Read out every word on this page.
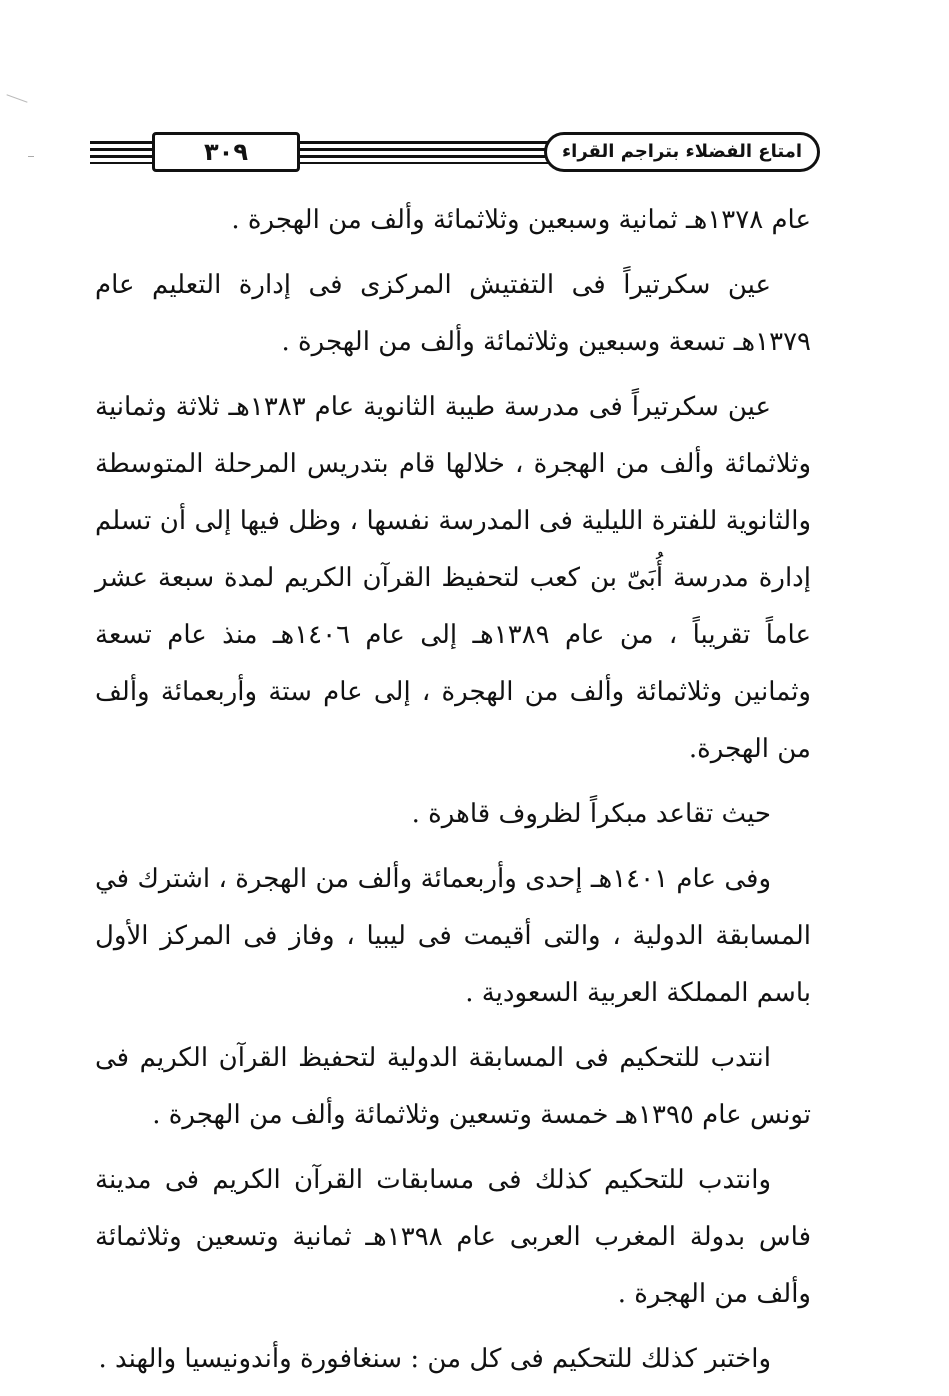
٣٠٩	امتاع الفضلاء بتراجم القراء

عام ١٣٧٨هـ ثمانية وسبعين وثلاثمائة وألف من الهجرة .

عين سكرتيراً فى التفتيش المركزى فى إدارة التعليم عام ١٣٧٩هـ تسعة وسبعين وثلاثمائة وألف من الهجرة .

عين سكرتيراً فى مدرسة طيبة الثانوية عام ١٣٨٣هـ ثلاثة وثمانية وثلاثمائة وألف من الهجرة ، خلالها قام بتدريس المرحلة المتوسطة والثانوية للفترة الليلية فى المدرسة نفسها ، وظل فيها إلى أن تسلم إدارة مدرسة أُبَىّ بن كعب لتحفيظ القرآن الكريم لمدة سبعة عشر عاماً تقريباً ، من عام ١٣٨٩هـ إلى عام ١٤٠٦هـ منذ عام تسعة وثمانين وثلاثمائة وألف من الهجرة ، إلى عام ستة وأربعمائة وألف من الهجرة.

حيث تقاعد مبكراً لظروف قاهرة .

وفى عام ١٤٠١هـ إحدى وأربعمائة وألف من الهجرة ، اشترك في المسابقة الدولية ، والتى أقيمت فى ليبيا ، وفاز فى المركز الأول باسم المملكة العربية السعودية .

انتدب للتحكيم فى المسابقة الدولية لتحفيظ القرآن الكريم فى تونس عام ١٣٩٥هـ خمسة وتسعين وثلاثمائة وألف من الهجرة .

وانتدب للتحكيم كذلك فى مسابقات القرآن الكريم فى مدينة فاس بدولة المغرب العربى عام ١٣٩٨هـ ثمانية وتسعين وثلاثمائة وألف من الهجرة .

واختبر كذلك للتحكيم فى كل من : سنغافورة وأندونيسيا والهند .
